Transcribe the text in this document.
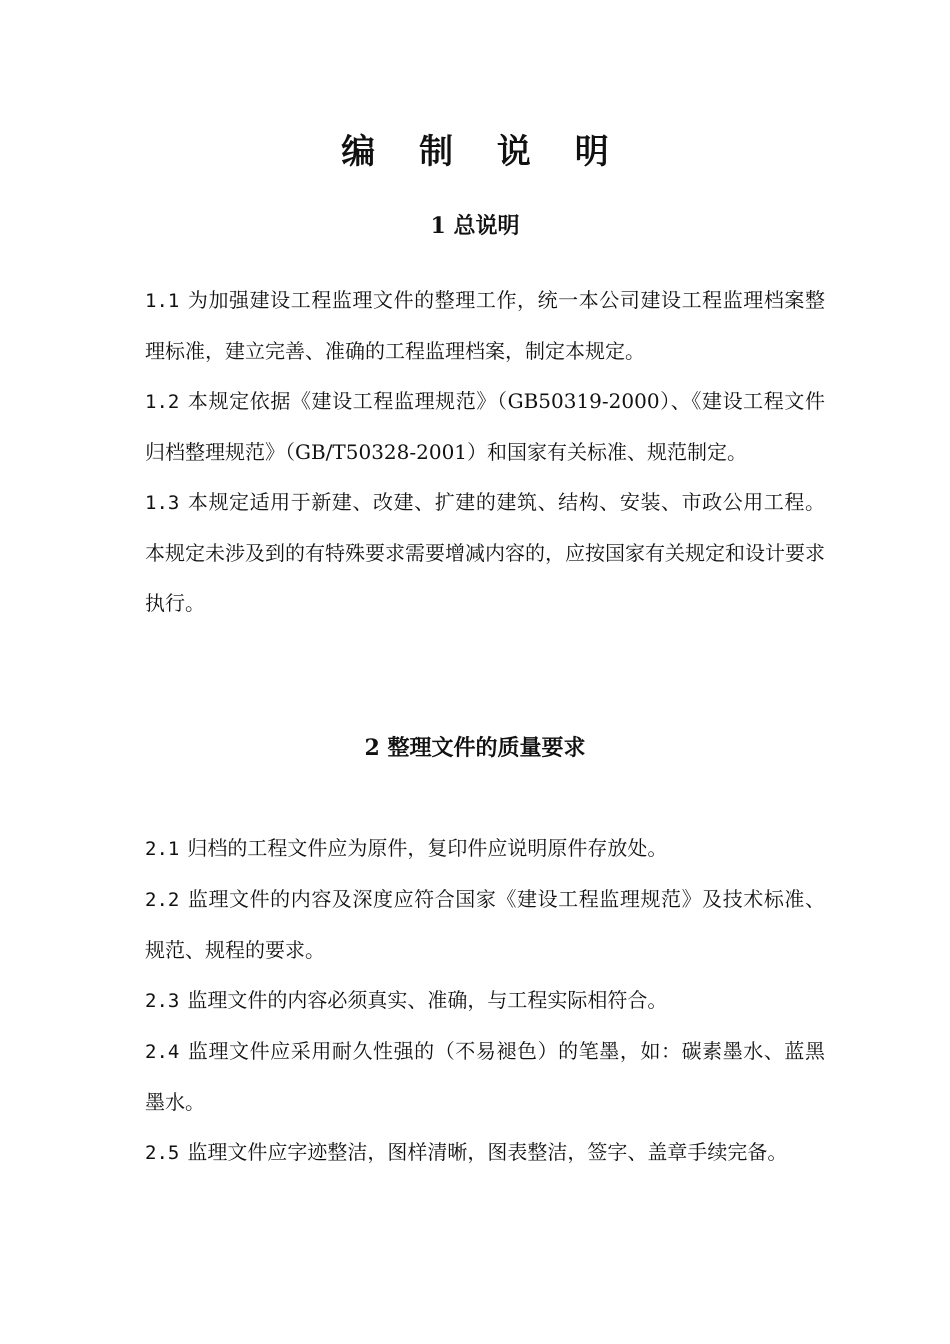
编 制 说 明
1 总说明

1.1 为加强建设工程监理文件的整理工作，统一本公司建设工程监理档案整理标准，建立完善、准确的工程监理档案，制定本规定。

1.2 本规定依据《建设工程监理规范》（GB50319-2000）、《建设工程文件归档整理规范》（GB/T50328-2001）和国家有关标准、规范制定。

1.3 本规定适用于新建、改建、扩建的建筑、结构、安装、市政公用工程。本规定未涉及到的有特殊要求需要增减内容的，应按国家有关规定和设计要求执行。

2 整理文件的质量要求

2.1 归档的工程文件应为原件，复印件应说明原件存放处。

2.2 监理文件的内容及深度应符合国家《建设工程监理规范》及技术标准、规范、规程的要求。

2.3 监理文件的内容必须真实、准确，与工程实际相符合。

2.4 监理文件应采用耐久性强的（不易褪色）的笔墨，如：碳素墨水、蓝黑墨水。

2.5 监理文件应字迹整洁，图样清晰，图表整洁，签字、盖章手续完备。
